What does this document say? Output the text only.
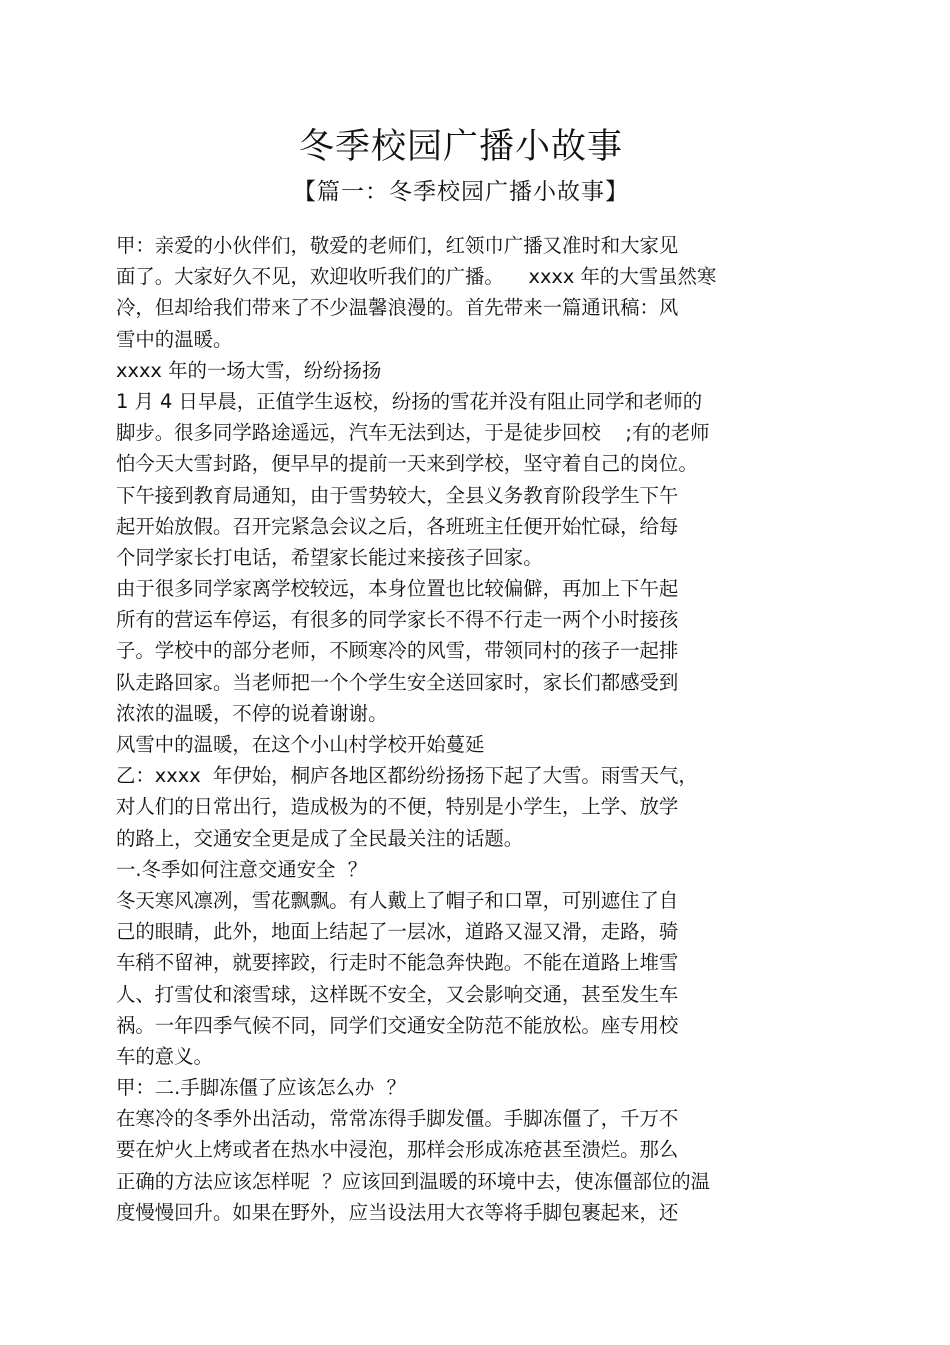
冬季校园广播小故事
【篇一：冬季校园广播小故事】
甲：亲爱的小伙伴们，敬爱的老师们，红领巾广播又准时和大家见
面了。大家好久不见，欢迎收听我们的广播。    xxxx 年的大雪虽然寒
冷，但却给我们带来了不少温馨浪漫的。首先带来一篇通讯稿：风
雪中的温暖。
xxxx 年的一场大雪，纷纷扬扬
1 月 4 日早晨，正值学生返校，纷扬的雪花并没有阻止同学和老师的
脚步。很多同学路途遥远，汽车无法到达，于是徒步回校    ;有的老师
怕今天大雪封路，便早早的提前一天来到学校，坚守着自己的岗位。
下午接到教育局通知，由于雪势较大，全县义务教育阶段学生下午
起开始放假。召开完紧急会议之后，各班班主任便开始忙碌，给每
个同学家长打电话，希望家长能过来接孩子回家。
由于很多同学家离学校较远，本身位置也比较偏僻，再加上下午起
所有的营运车停运，有很多的同学家长不得不行走一两个小时接孩
子。学校中的部分老师，不顾寒冷的风雪，带领同村的孩子一起排
队走路回家。当老师把一个个学生安全送回家时，家长们都感受到
浓浓的温暖，不停的说着谢谢。
风雪中的温暖，在这个小山村学校开始蔓延
乙：xxxx  年伊始，桐庐各地区都纷纷扬扬下起了大雪。雨雪天气，
对人们的日常出行，造成极为的不便，特别是小学生，上学、放学
的路上，交通安全更是成了全民最关注的话题。
一.冬季如何注意交通安全  ？
冬天寒风凛冽，雪花飘飘。有人戴上了帽子和口罩，可别遮住了自
己的眼睛，此外，地面上结起了一层冰，道路又湿又滑，走路，骑
车稍不留神，就要摔跤，行走时不能急奔快跑。不能在道路上堆雪
人、打雪仗和滚雪球，这样既不安全，又会影响交通，甚至发生车
祸。一年四季气候不同，同学们交通安全防范不能放松。座专用校
车的意义。
甲：二.手脚冻僵了应该怎么办  ？
在寒冷的冬季外出活动，常常冻得手脚发僵。手脚冻僵了，千万不
要在炉火上烤或者在热水中浸泡，那样会形成冻疮甚至溃烂。那么
正确的方法应该怎样呢  ？应该回到温暖的环境中去，使冻僵部位的温
度慢慢回升。如果在野外，应当设法用大衣等将手脚包裹起来，还
